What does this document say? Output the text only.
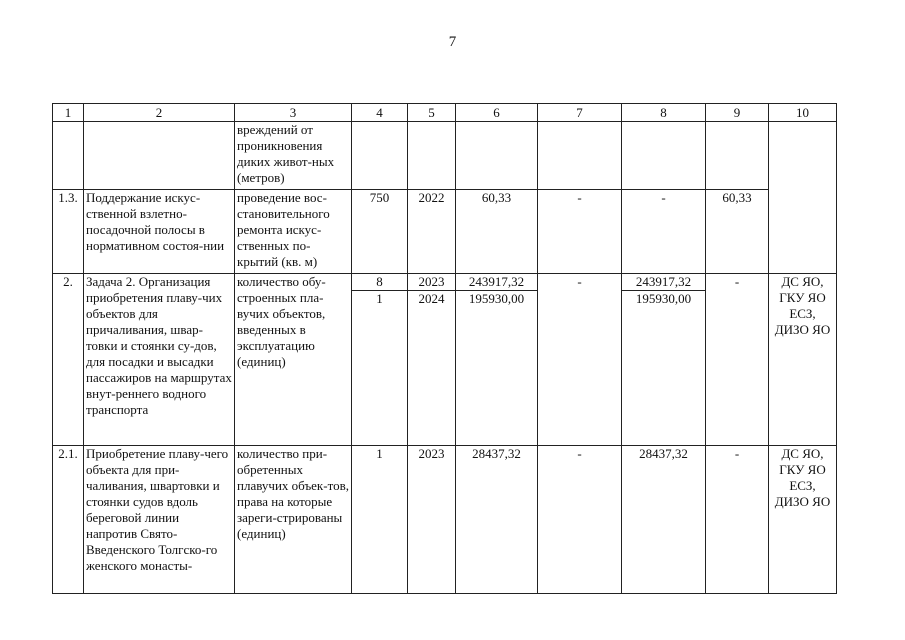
7
1	2	3	4	5	6	7	8	9	10
		врeждений от проникновения диких живот-ных (метров)							
1.3.	Поддержание искус-ственной взлетно-посадочной полосы в нормативном состоя-нии	проведение вос-становительного ремонта искус-ственных по-крытий (кв. м)	750	2022	60,33	-	-	60,33	
2.	Задача 2. Организация приобретения плаву-чих объектов для причаливания, швар-товки и стоянки су-дов, для посадки и высадки пассажиров на маршрутах внут-реннего водного транспорта	количество обу-строенных пла-вучих объектов, введенных в эксплуатацию (единиц)	8	2023	243917,32	-	243917,32	-	ДС ЯО, ГКУ ЯО ЕСЗ, ДИЗО ЯО
			1	2024	195930,00		195930,00		
2.1.	Приобретение плаву-чего объекта для при-чаливания, швартовки и стоянки судов вдоль береговой линии напротив Свято-Введенского Толгско-го женского монасты-	количество при-обретенных плавучих объек-тов, права на которые зареги-стрированы (единиц)	1	2023	28437,32	-	28437,32	-	ДС ЯО, ГКУ ЯО ЕСЗ, ДИЗО ЯО
